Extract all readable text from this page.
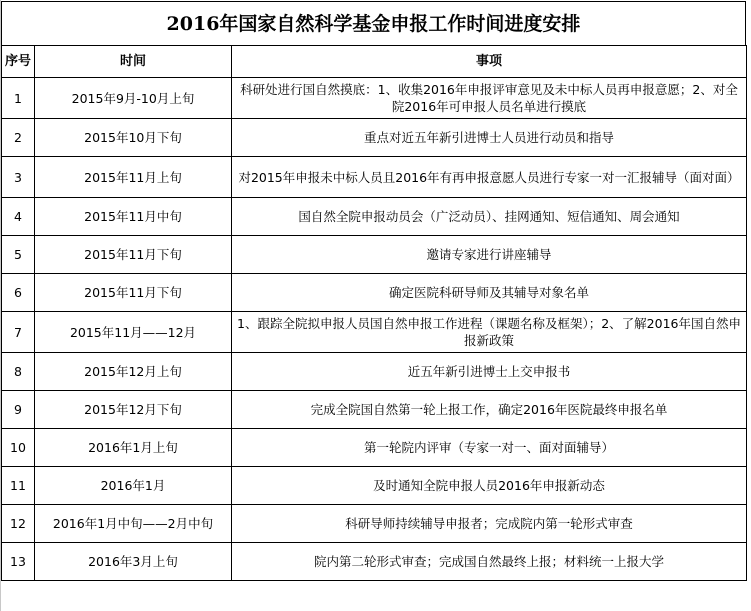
2016年国家自然科学基金申报工作时间进度安排
序号	时间	事项
1	2015年9月-10月上旬	科研处进行国自然摸底：1、收集2016年申报评审意见及未中标人员再申报意愿；2、对全院2016年可申报人员名单进行摸底
2	2015年10月下旬	重点对近五年新引进博士人员进行动员和指导
3	2015年11月上旬	对2015年申报未中标人员且2016年有再申报意愿人员进行专家一对一汇报辅导（面对面）
4	2015年11月中旬	国自然全院申报动员会（广泛动员）、挂网通知、短信通知、周会通知
5	2015年11月下旬	邀请专家进行讲座辅导
6	2015年11月下旬	确定医院科研导师及其辅导对象名单
7	2015年11月——12月	1、跟踪全院拟申报人员国自然申报工作进程（课题名称及框架）；2、了解2016年国自然申报新政策
8	2015年12月上旬	近五年新引进博士上交申报书
9	2015年12月下旬	完成全院国自然第一轮上报工作，确定2016年医院最终申报名单
10	2016年1月上旬	第一轮院内评审（专家一对一、面对面辅导）
11	2016年1月	及时通知全院申报人员2016年申报新动态
12	2016年1月中旬——2月中旬	科研导师持续辅导申报者；完成院内第一轮形式审查
13	2016年3月上旬	院内第二轮形式审查；完成国自然最终上报；材料统一上报大学
